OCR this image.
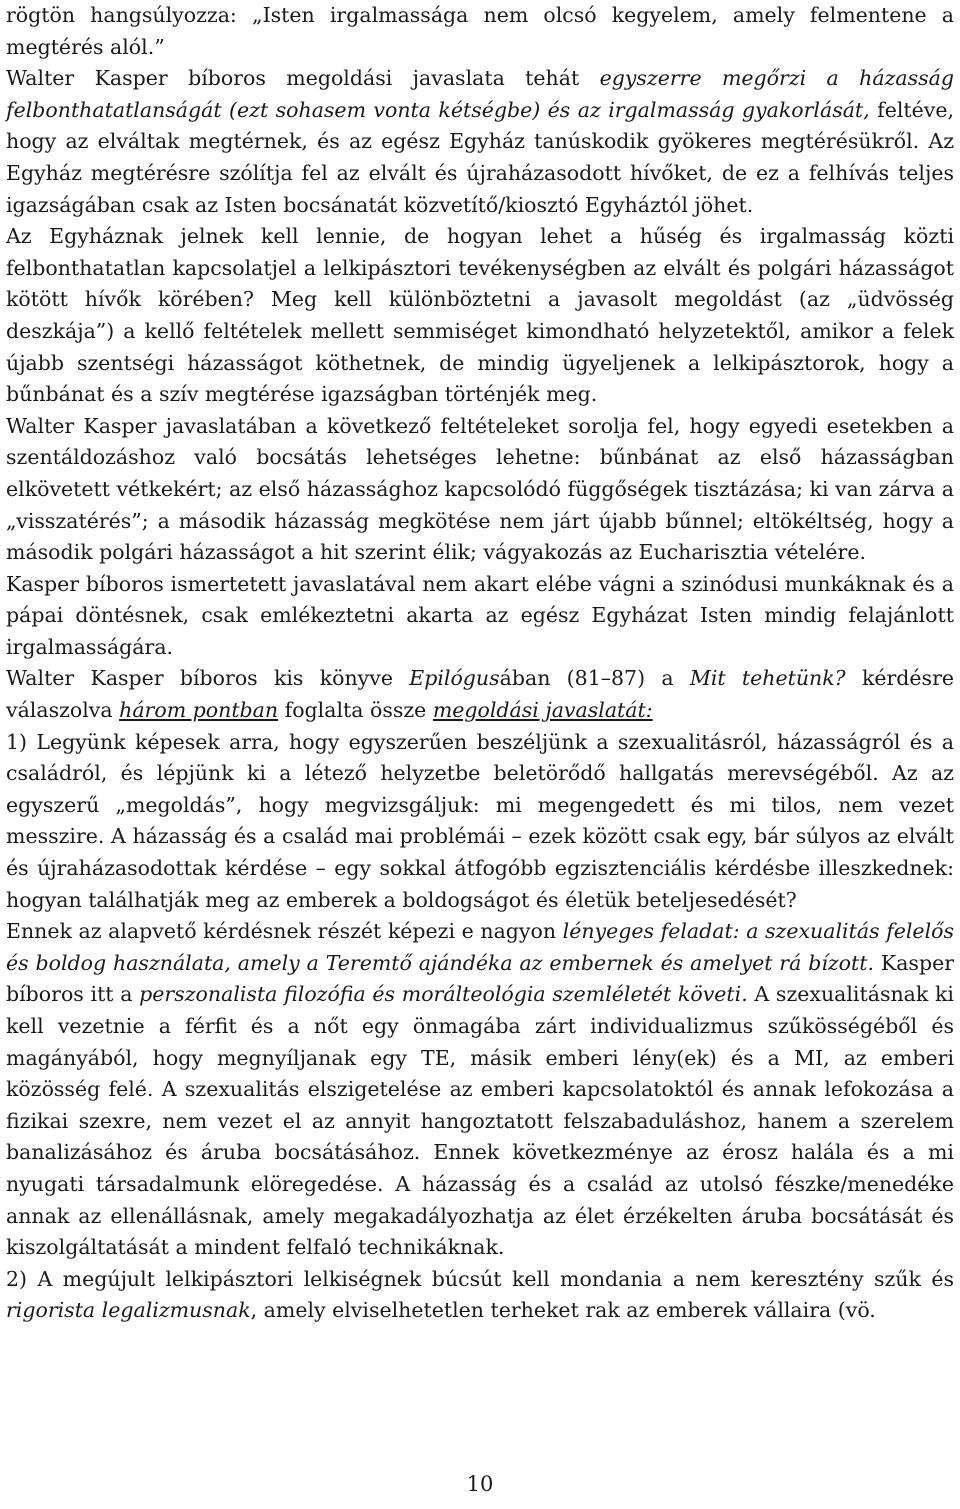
rögtön hangsúlyozza: „Isten irgalmassága nem olcsó kegyelem, amely felmentene a megtérés alól.”

Walter Kasper bíboros megoldási javaslata tehát egyszerre megőrzi a házasság felbonthatatlanságát (ezt sohasem vonta kétségbe) és az irgalmasság gyakorlását, feltéve, hogy az elváltak megtérnek, és az egész Egyház tanúskodik gyökeres megtérésükről. Az Egyház megtérésre szólítja fel az elvált és újraházasodott hívőket, de ez a felhívás teljes igazságában csak az Isten bocsánatát közvetítő/kiosztó Egyháztól jöhet.

Az Egyháznak jelnek kell lennie, de hogyan lehet a hűség és irgalmasság közti felbonthatatlan kapcsolatjel a lelkipásztori tevékenységben az elvált és polgári házasságot kötött hívők körében? Meg kell különböztetni a javasolt megoldást (az „üdvösség deszkája”) a kellő feltételek mellett semmiséget kimondható helyzetektől, amikor a felek újabb szentségi házasságot köthetnek, de mindig ügyeljenek a lelkipásztorok, hogy a bűnbánat és a szív megtérése igazságban történjék meg.

Walter Kasper javaslatában a következő feltételeket sorolja fel, hogy egyedi esetekben a szentáldozáshoz való bocsátás lehetséges lehetne: bűnbánat az első házasságban elkövetett vétkekért; az első házassághoz kapcsolódó függőségek tisztázása; ki van zárva a „visszatérés”; a második házasság megkötése nem járt újabb bűnnel; eltökéltség, hogy a második polgári házasságot a hit szerint élik; vágyakozás az Eucharisztia vételére.

Kasper bíboros ismertetett javaslatával nem akart elébe vágni a szinódusi munkáknak és a pápai döntésnek, csak emlékeztetni akarta az egész Egyházat Isten mindig felajánlott irgalmasságára.

Walter Kasper bíboros kis könyve Epilógusában (81–87) a Mit tehetünk? kérdésre válaszolva három pontban foglalta össze megoldási javaslatát:

1) Legyünk képesek arra, hogy egyszerűen beszéljünk a szexualitásról, házasságról és a családról, és lépjünk ki a létező helyzetbe beletörődő hallgatás merevségéből. Az az egyszerű „megoldás”, hogy megvizsgáljuk: mi megengedett és mi tilos, nem vezet messzire. A házasság és a család mai problémái – ezek között csak egy, bár súlyos az elvált és újraházasodottak kérdése – egy sokkal átfogóbb egzisztenciális kérdésbe illeszkednek: hogyan találhatják meg az emberek a boldogságot és életük beteljesedését?

Ennek az alapvető kérdésnek részét képezi e nagyon lényeges feladat: a szexualitás felelős és boldog használata, amely a Teremtő ajándéka az embernek és amelyet rá bízott. Kasper bíboros itt a perszonalista filozófia és morálteológia szemléletét követi. A szexualitásnak ki kell vezetnie a férfit és a nőt egy önmagába zárt individualizmus szűkösségéből és magányából, hogy megnyíljanak egy TE, másik emberi lény(ek) és a MI, az emberi közösség felé. A szexualitás elszigetelése az emberi kapcsolatoktól és annak lefokozása a fizikai szexre, nem vezet el az annyit hangoztatott felszabaduláshoz, hanem a szerelem banalizásához és áruba bocsátásához. Ennek következménye az érosz halála és a mi nyugati társadalmunk elöregedése. A házasság és a család az utolsó fészke/menedéke annak az ellenállásnak, amely megakadályozhatja az élet érzékelten áruba bocsátását és kiszolgáltatását a mindent felfaló technikáknak.

2) A megújult lelkipásztori lelkiségnek búcsút kell mondania a nem keresztény szűk és rigorista legalizmusnak, amely elviselhetetlen terheket rak az emberek vállaira (vö.

10
